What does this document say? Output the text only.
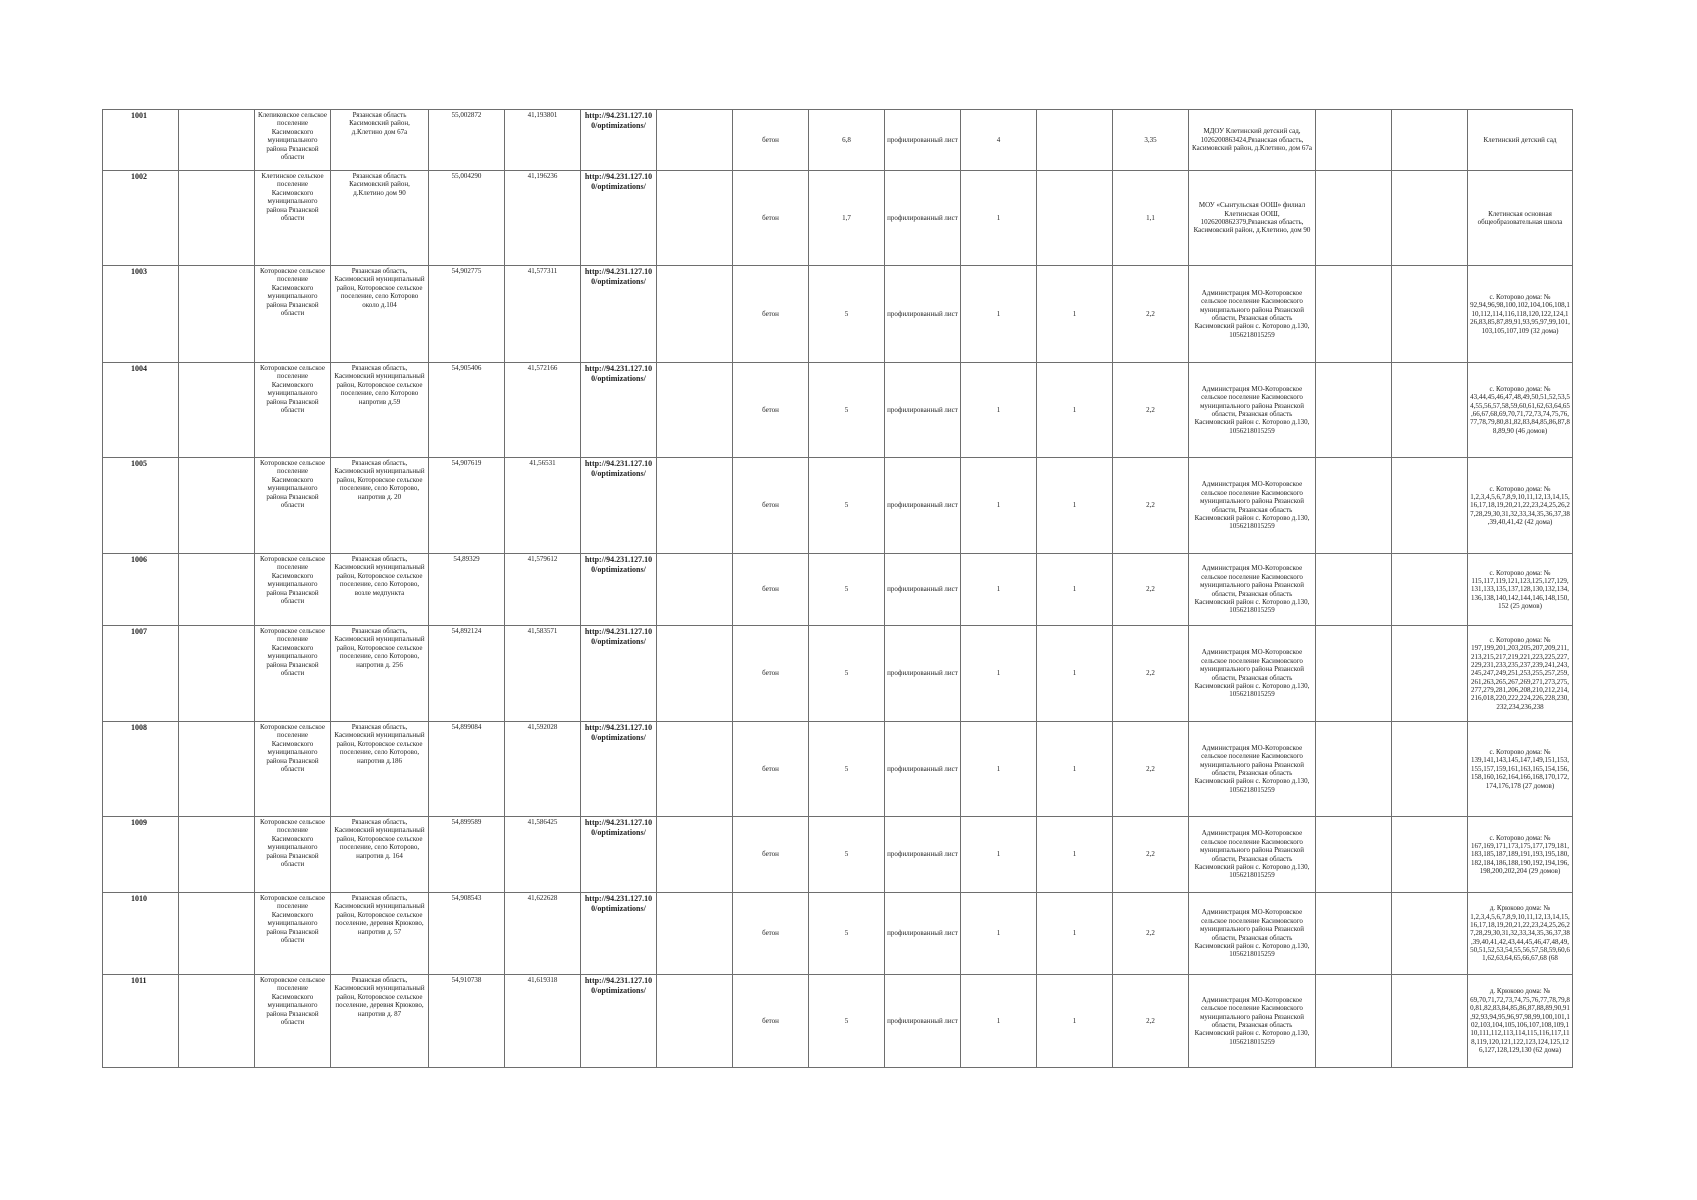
1001		Клепиковское сельское поселение Касимовского муниципального района Рязанской области	Рязанская область Касимовский район, д.Клетино дом 67а	55,002872	41,193801	http://94.231.127.100/optimizations/		бетон	6,8	профилированный лист	4		3,35	МДОУ Клетинский детский сад, 1026200863424,Рязанская область, Касимовский район, д.Клетино, дом 67а			Клетинский детский сад
1002		Клетинское сельское поселение Касимовского муниципального района Рязанской области	Рязанская область Касимовский район, д.Клетино дом 90	55,004290	41,196236	http://94.231.127.100/optimizations/		бетон	1,7	профилированный лист	1		1,1	МОУ «Сынтульская ООШ» филиал Клетинская ООШ, 1026200862379,Рязанская область, Касимовский район, д.Клетино, дом 90			Клетинская основная общеобразовательная школа
1003		Которовское сельское поселение Касимовского муниципального района Рязанской области	Рязанская область, Касимовский муниципальный район, Которовское сельское поселение, село Которово около д.104	54,902775	41,577311	http://94.231.127.100/optimizations/		бетон	5	профилированный лист	1	1	2,2	Администрация МО-Которовское сельское поселение Касимовского муниципального района Рязанской области, Рязанская область Касимовский район с. Которово д.130, 1056218015259			с. Которово дома: № 92,94,96,98,100,102,104,106,108,110,112,114,116,118,120,122,124,126,83,85,87,89,91,93,95,97,99,101,103,105,107,109 (32 дома)
1004		Которовское сельское поселение Касимовского муниципального района Рязанской области	Рязанская область, Касимовский муниципальный район, Которовское сельское поселение, село Которово напротив д.59	54,905406	41,572166	http://94.231.127.100/optimizations/		бетон	5	профилированный лист	1	1	2,2	Администрация МО-Которовское сельское поселение Касимовского муниципального района Рязанской области, Рязанская область Касимовский район с. Которово д.130, 1056218015259			с. Которово дома: № 43,44,45,46,47,48,49,50,51,52,53,54,55,56,57,58,59,60,61,62,63,64,65,66,67,68,69,70,71,72,73,74,75,76,77,78,79,80,81,82,83,84,85,86,87,88,89,90 (46 домов)
1005		Которовское сельское поселение Касимовского муниципального района Рязанской области	Рязанская область, Касимовский муниципальный район, Которовское сельское поселение, село Которово, напротив д. 20	54,907619	41,56531	http://94.231.127.100/optimizations/		бетон	5	профилированный лист	1	1	2,2	Администрация МО-Которовское сельское поселение Касимовского муниципального района Рязанской области, Рязанская область Касимовский район с. Которово д.130, 1056218015259			с. Которово дома: № 1,2,3,4,5,6,7,8,9,10,11,12,13,14,15,16,17,18,19,20,21,22,23,24,25,26,27,28,29,30,31,32,33,34,35,36,37,38,39,40,41,42 (42 дома)
1006		Которовское сельское поселение Касимовского муниципального района Рязанской области	Рязанская область, Касимовский муниципальный район, Которовское сельское поселение, село Которово, возле медпункта	54,89329	41,579612	http://94.231.127.100/optimizations/		бетон	5	профилированный лист	1	1	2,2	Администрация МО-Которовское сельское поселение Касимовского муниципального района Рязанской области, Рязанская область Касимовский район с. Которово д.130, 1056218015259			с. Которово дома: № 115,117,119,121,123,125,127,129,131,133,135,137,128,130,132,134,136,138,140,142,144,146,148,150, 152 (25 домов)
1007		Которовское сельское поселение Касимовского муниципального района Рязанской области	Рязанская область, Касимовский муниципальный район, Которовское сельское поселение, село Которово, напротив д. 256	54,892124	41,583571	http://94.231.127.100/optimizations/		бетон	5	профилированный лист	1	1	2,2	Администрация МО-Которовское сельское поселение Касимовского муниципального района Рязанской области, Рязанская область Касимовский район с. Которово д.130, 1056218015259			с. Которово дома: № 197,199,201,203,205,207,209,211,213,215,217,219,221,223,225,227,229,231,233,235,237,239,241,243,245,247,249,251,253,255,257,259,261,263,265,267,269,271,273,275,277,279,281,206,208,210,212,214,216,018,220,222,224,226,228,230,232,234,236,238
1008		Которовское сельское поселение Касимовского муниципального района Рязанской области	Рязанская область, Касимовский муниципальный район, Которовское сельское поселение, село Которово, напротив д.186	54,899084	41,592028	http://94.231.127.100/optimizations/		бетон	5	профилированный лист	1	1	2,2	Администрация МО-Которовское сельское поселение Касимовского муниципального района Рязанской области, Рязанская область Касимовский район с. Которово д.130, 1056218015259			с. Которово дома: № 139,141,143,145,147,149,151,153,155,157,159,161,163,165,154,156,158,160,162,164,166,168,170,172,174,176,178 (27 домов)
1009		Которовское сельское поселение Касимовского муниципального района Рязанской области	Рязанская область, Касимовский муниципальный район, Которовское сельское поселение, село Которово, напротив д. 164	54,899589	41,586425	http://94.231.127.100/optimizations/		бетон	5	профилированный лист	1	1	2,2	Администрация МО-Которовское сельское поселение Касимовского муниципального района Рязанской области, Рязанская область Касимовский район с. Которово д.130, 1056218015259			с. Которово дома: № 167,169,171,173,175,177,179,181,183,185,187,189,191,193,195,180,182,184,186,188,190,192,194,196,198,200,202,204 (29 домов)
1010		Которовское сельское поселение Касимовского муниципального района Рязанской области	Рязанская область, Касимовский муниципальный район, Которовское сельское поселение, деревня Крюково, напротив д. 57	54,908543	41,622628	http://94.231.127.100/optimizations/		бетон	5	профилированный лист	1	1	2,2	Администрация МО-Которовское сельское поселение Касимовского муниципального района Рязанской области, Рязанская область Касимовский район с. Которово д.130, 1056218015259			д. Крюково дома: № 1,2,3,4,5,6,7,8,9,10,11,12,13,14,15,16,17,18,19,20,21,22,23,24,25,26,27,28,29,30,31,32,33,34,35,36,37,38,39,40,41,42,43,44,45,46,47,48,49,50,51,52,53,54,55,56,57,58,59,60,61,62,63,64,65,66,67,68 (68
1011		Которовское сельское поселение Касимовского муниципального района Рязанской области	Рязанская область, Касимовский муниципальный район, Которовское сельское поселение, деревня Крюково, напротив д. 87	54,910738	41,619318	http://94.231.127.100/optimizations/		бетон	5	профилированный лист	1	1	2,2	Администрация МО-Которовское сельское поселение Касимовского муниципального района Рязанской области, Рязанская область Касимовский район с. Которово д.130, 1056218015259			д. Крюково дома: № 69,70,71,72,73,74,75,76,77,78,79,80,81,82,83,84,85,86,87,88,89,90,91,92,93,94,95,96,97,98,99,100,101,102,103,104,105,106,107,108,109,110,111,112,113,114,115,116,117,118,119,120,121,122,123,124,125,126,127,128,129,130 (62 дома)
